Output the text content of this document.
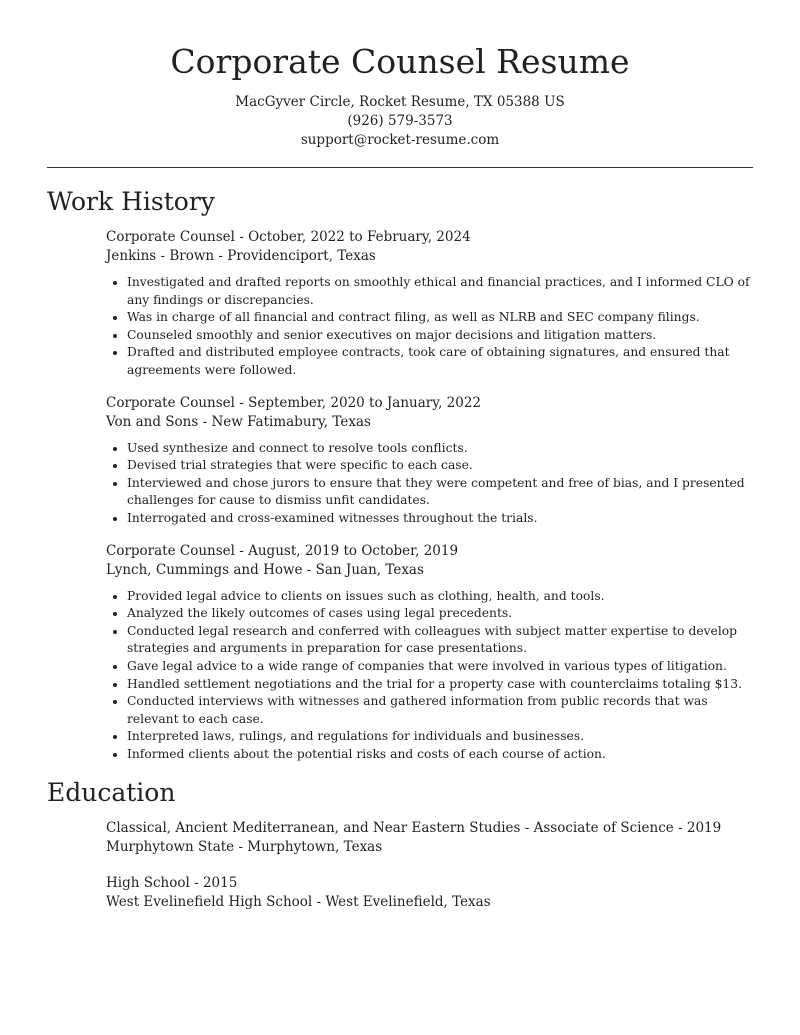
Corporate Counsel Resume
MacGyver Circle, Rocket Resume, TX 05388 US
(926) 579-3573
support@rocket-resume.com
Work History
Corporate Counsel - October, 2022 to February, 2024
Jenkins - Brown - Providenciport, Texas
• Investigated and drafted reports on smoothly ethical and financial practices, and I informed CLO of any findings or discrepancies.
• Was in charge of all financial and contract filing, as well as NLRB and SEC company filings.
• Counseled smoothly and senior executives on major decisions and litigation matters.
• Drafted and distributed employee contracts, took care of obtaining signatures, and ensured that agreements were followed.
Corporate Counsel - September, 2020 to January, 2022
Von and Sons - New Fatimabury, Texas
• Used synthesize and connect to resolve tools conflicts.
• Devised trial strategies that were specific to each case.
• Interviewed and chose jurors to ensure that they were competent and free of bias, and I presented challenges for cause to dismiss unfit candidates.
• Interrogated and cross-examined witnesses throughout the trials.
Corporate Counsel - August, 2019 to October, 2019
Lynch, Cummings and Howe - San Juan, Texas
• Provided legal advice to clients on issues such as clothing, health, and tools.
• Analyzed the likely outcomes of cases using legal precedents.
• Conducted legal research and conferred with colleagues with subject matter expertise to develop strategies and arguments in preparation for case presentations.
• Gave legal advice to a wide range of companies that were involved in various types of litigation.
• Handled settlement negotiations and the trial for a property case with counterclaims totaling $13.
• Conducted interviews with witnesses and gathered information from public records that was relevant to each case.
• Interpreted laws, rulings, and regulations for individuals and businesses.
• Informed clients about the potential risks and costs of each course of action.
Education
Classical, Ancient Mediterranean, and Near Eastern Studies - Associate of Science - 2019
Murphytown State - Murphytown, Texas
High School - 2015
West Evelinefield High School - West Evelinefield, Texas
